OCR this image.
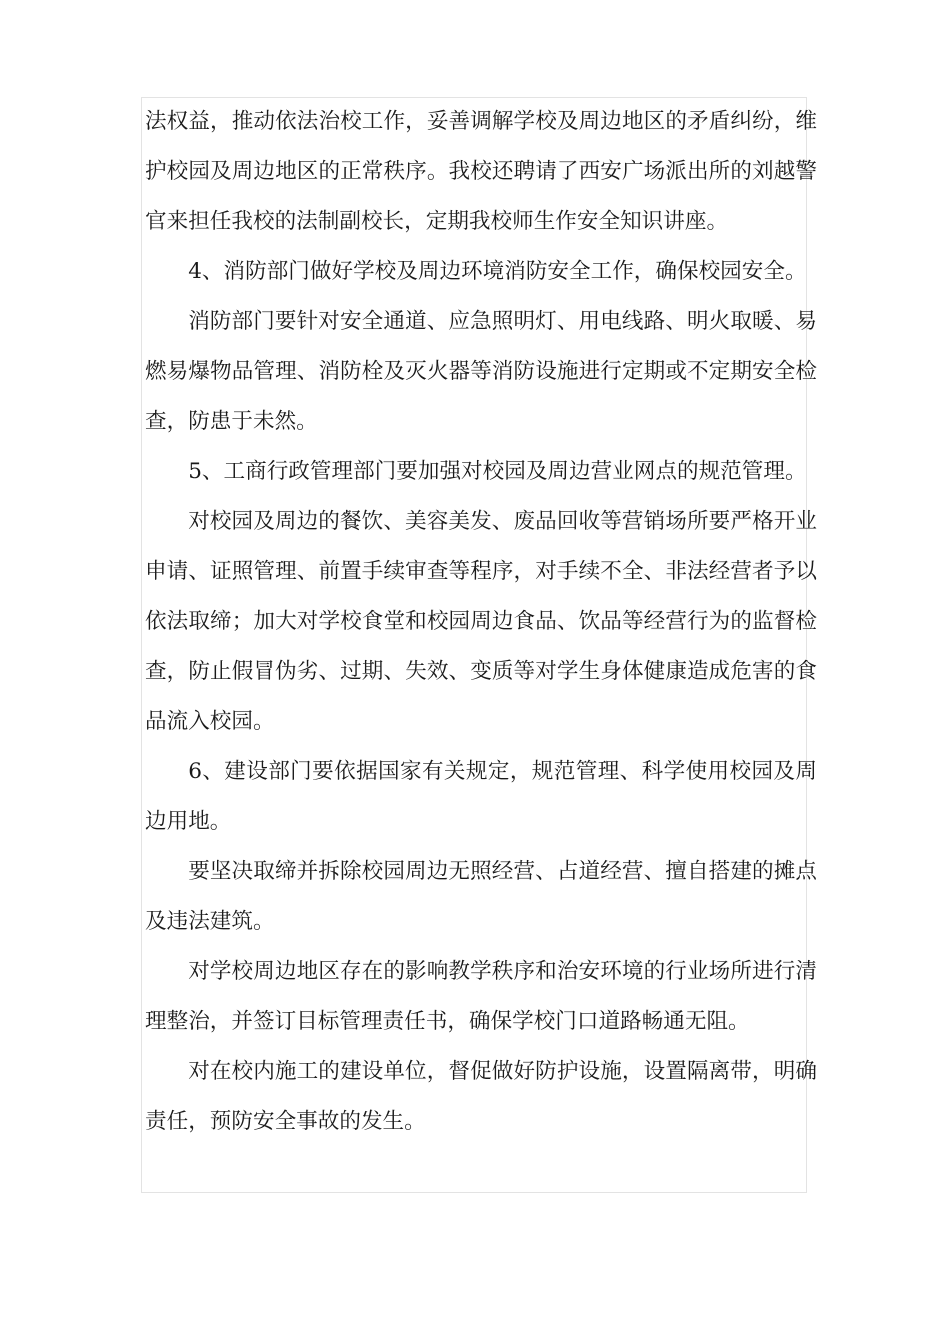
法权益，推动依法治校工作，妥善调解学校及周边地区的矛盾纠纷，维护校园及周边地区的正常秩序。我校还聘请了西安广场派出所的刘越警官来担任我校的法制副校长，定期我校师生作安全知识讲座。

4、消防部门做好学校及周边环境消防安全工作，确保校园安全。

消防部门要针对安全通道、应急照明灯、用电线路、明火取暖、易燃易爆物品管理、消防栓及灭火器等消防设施进行定期或不定期安全检查，防患于未然。

5、工商行政管理部门要加强对校园及周边营业网点的规范管理。

对校园及周边的餐饮、美容美发、废品回收等营销场所要严格开业申请、证照管理、前置手续审查等程序，对手续不全、非法经营者予以依法取缔；加大对学校食堂和校园周边食品、饮品等经营行为的监督检查，防止假冒伪劣、过期、失效、变质等对学生身体健康造成危害的食品流入校园。

6、建设部门要依据国家有关规定，规范管理、科学使用校园及周边用地。

要坚决取缔并拆除校园周边无照经营、占道经营、擅自搭建的摊点及违法建筑。

对学校周边地区存在的影响教学秩序和治安环境的行业场所进行清理整治，并签订目标管理责任书，确保学校门口道路畅通无阻。

对在校内施工的建设单位，督促做好防护设施，设置隔离带，明确责任，预防安全事故的发生。
